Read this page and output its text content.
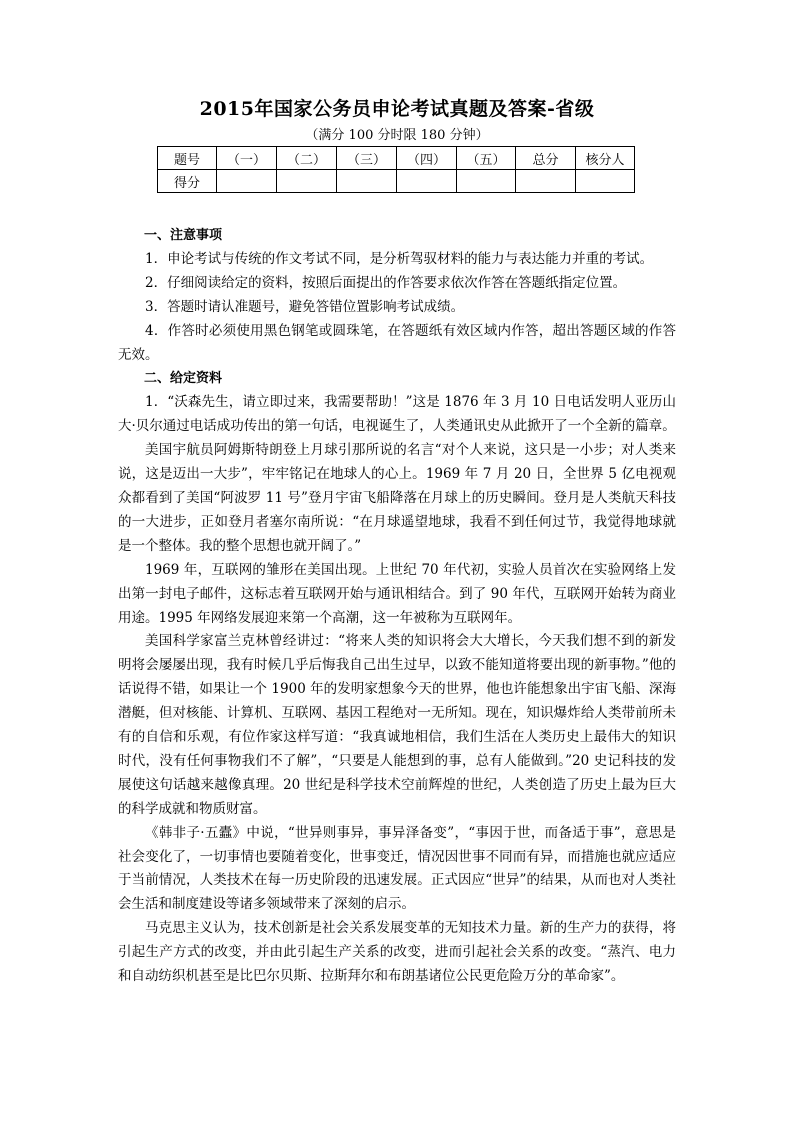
2015年国家公务员申论考试真题及答案-省级
（满分 100 分时限 180 分钟）
题号	（一）	（二）	（三）	（四）	（五）	总分	核分人
得分							

一、注意事项

1．申论考试与传统的作文考试不同，是分析驾驭材料的能力与表达能力并重的考试。

2．仔细阅读给定的资料，按照后面提出的作答要求依次作答在答题纸指定位置。

3．答题时请认准题号，避免答错位置影响考试成绩。

4．作答时必须使用黑色钢笔或圆珠笔，在答题纸有效区域内作答，超出答题区域的作答无效。

二、给定资料

1．“沃森先生，请立即过来，我需要帮助！”这是 1876 年 3 月 10 日电话发明人亚历山大·贝尔通过电话成功传出的第一句话，电视诞生了，人类通讯史从此掀开了一个全新的篇章。

美国宇航员阿姆斯特朗登上月球引那所说的名言“对个人来说，这只是一小步；对人类来说，这是迈出一大步”，牢牢铭记在地球人的心上。1969 年 7 月 20 日，全世界 5 亿电视观众都看到了美国“阿波罗 11 号”登月宇宙飞船降落在月球上的历史瞬间。登月是人类航天科技的一大进步，正如登月者塞尔南所说：“在月球遥望地球，我看不到任何过节，我觉得地球就是一个整体。我的整个思想也就开阔了。”

1969 年，互联网的雏形在美国出现。上世纪 70 年代初，实验人员首次在实验网络上发出第一封电子邮件，这标志着互联网开始与通讯相结合。到了 90 年代，互联网开始转为商业用途。1995 年网络发展迎来第一个高潮，这一年被称为互联网年。

美国科学家富兰克林曾经讲过：“将来人类的知识将会大大增长，今天我们想不到的新发明将会屡屡出现，我有时候几乎后悔我自己出生过早，以致不能知道将要出现的新事物。”他的话说得不错，如果让一个 1900 年的发明家想象今天的世界，他也许能想象出宇宙飞船、深海潜艇，但对核能、计算机、互联网、基因工程绝对一无所知。现在，知识爆炸给人类带前所未有的自信和乐观，有位作家这样写道：“我真诚地相信，我们生活在人类历史上最伟大的知识时代，没有任何事物我们不了解”，“只要是人能想到的事，总有人能做到。”20 史记科技的发展使这句话越来越像真理。20 世纪是科学技术空前辉煌的世纪，人类创造了历史上最为巨大的科学成就和物质财富。

《韩非子·五蠹》中说，“世异则事异，事异泽备变”，“事因于世，而备适于事”，意思是社会变化了，一切事情也要随着变化，世事变迁，情况因世事不同而有异，而措施也就应适应于当前情况，人类技术在每一历史阶段的迅速发展。正式因应“世异”的结果，从而也对人类社会生活和制度建设等诸多领域带来了深刻的启示。

马克思主义认为，技术创新是社会关系发展变革的无知技术力量。新的生产力的获得，将引起生产方式的改变，并由此引起生产关系的改变，进而引起社会关系的改变。“蒸汽、电力和自动纺织机甚至是比巴尔贝斯、拉斯拜尔和布朗基诸位公民更危险万分的革命家”。
